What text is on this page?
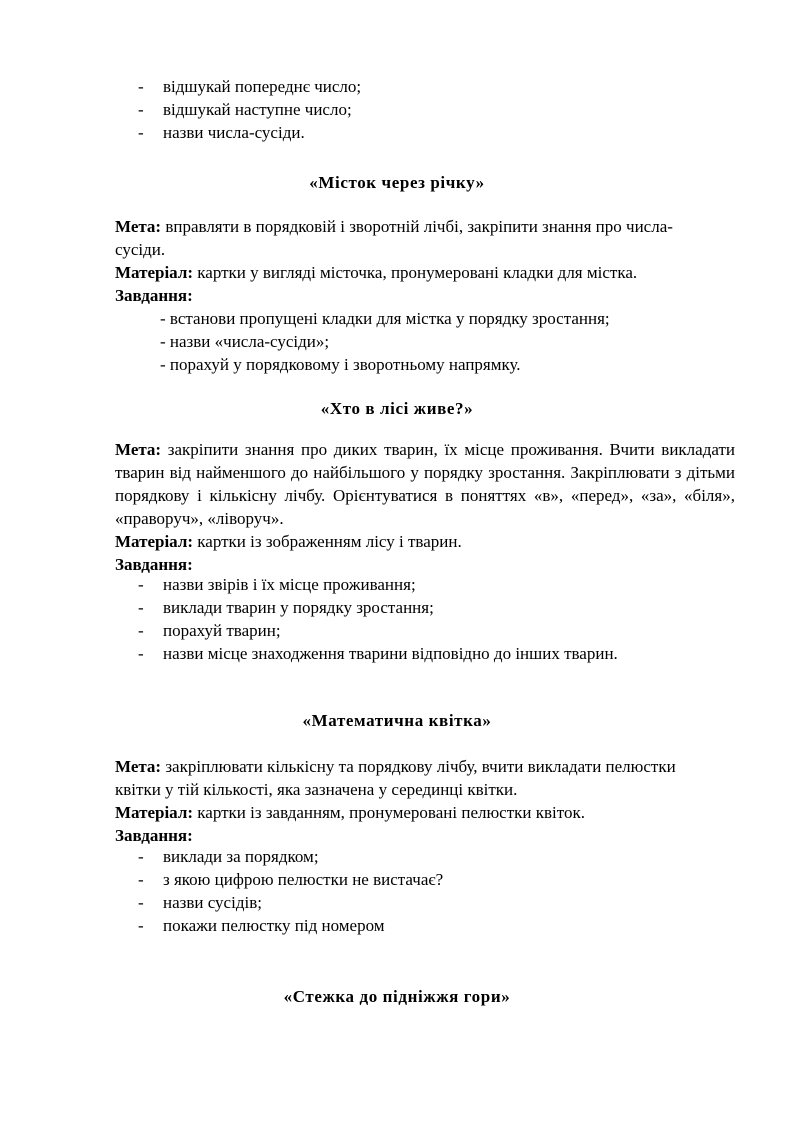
- відшукай попереднє число;
- відшукай наступне число;
- назви числа-сусіди.
«Місток через річку»
Мета: вправляти в порядковій і зворотній лічбі, закріпити знання про числа-
сусіди.
Матеріал: картки у вигляді місточка, пронумеровані кладки для містка.
Завдання:
- встанови пропущені кладки для містка у порядку зростання;
- назви «числа-сусіди»;
- порахуй у порядковому і зворотньому напрямку.
«Хто в лісі живе?»

Мета: закріпити знання про диких тварин, їх місце проживання. Вчити викладати тварин від найменшого до найбільшого у порядку зростання. Закріплювати з дітьми порядкову і кількісну лічбу. Орієнтуватися в поняттях «в», «перед», «за», «біля», «праворуч», «ліворуч».

Матеріал: картки із зображенням лісу і тварин.
Завдання:
- назви звірів і їх місце проживання;
- виклади тварин у порядку зростання;
- порахуй тварин;
- назви місце знаходження тварини відповідно до інших тварин.
«Математична квітка»
Мета: закріплювати кількісну та порядкову лічбу, вчити викладати пелюстки
квітки у тій кількості, яка зазначена у серединці квітки.
Матеріал: картки із завданням, пронумеровані пелюстки квіток.
Завдання:
- виклади за порядком;
- з якою цифрою пелюстки не вистачає?
- назви сусідів;
- покажи пелюстку під номером
«Стежка до підніжжя гори»
